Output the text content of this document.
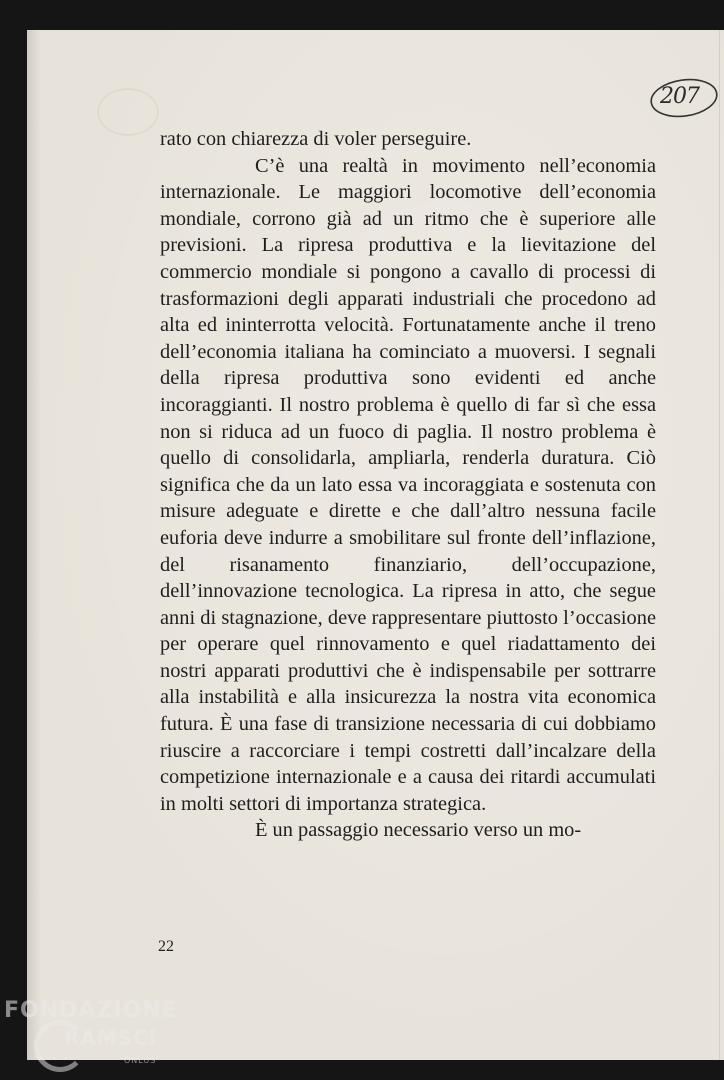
207

rato con chiarezza di voler perseguire.

C’è una realtà in movimento nell’economia internazionale. Le maggiori locomotive dell’economia mondiale, corrono già ad un ritmo che è superiore alle previsioni. La ripresa produttiva e la lievitazione del commercio mondiale si pongono a cavallo di processi di trasformazioni degli apparati industriali che procedono ad alta ed ininterrotta velocità. Fortunatamente anche il treno dell’economia italiana ha cominciato a muoversi. I segnali della ripresa produttiva sono evidenti ed anche incoraggianti. Il nostro problema è quello di far sì che essa non si riduca ad un fuoco di paglia. Il nostro problema è quello di consolidarla, ampliarla, renderla duratura. Ciò significa che da un lato essa va incoraggiata e sostenuta con misure adeguate e dirette e che dall’altro nessuna facile euforia deve indurre a smobilitare sul fronte dell’inflazione, del risanamento finanziario, dell’occupazione, dell’innovazione tecnologica. La ripresa in atto, che segue anni di stagnazione, deve rappresentare piuttosto l’occasione per operare quel rinnovamento e quel riadattamento dei nostri apparati produttivi che è indispensabile per sottrarre alla instabilità e alla insicurezza la nostra vita economica futura. È una fase di transizione necessaria di cui dobbiamo riuscire a raccorciare i tempi costretti dall’incalzare della competizione internazionale e a causa dei ritardi accumulati in molti settori di importanza strategica.

È un passaggio necessario verso un mo-

22
FONDAZIONE
RAMSCI
ONLUS
